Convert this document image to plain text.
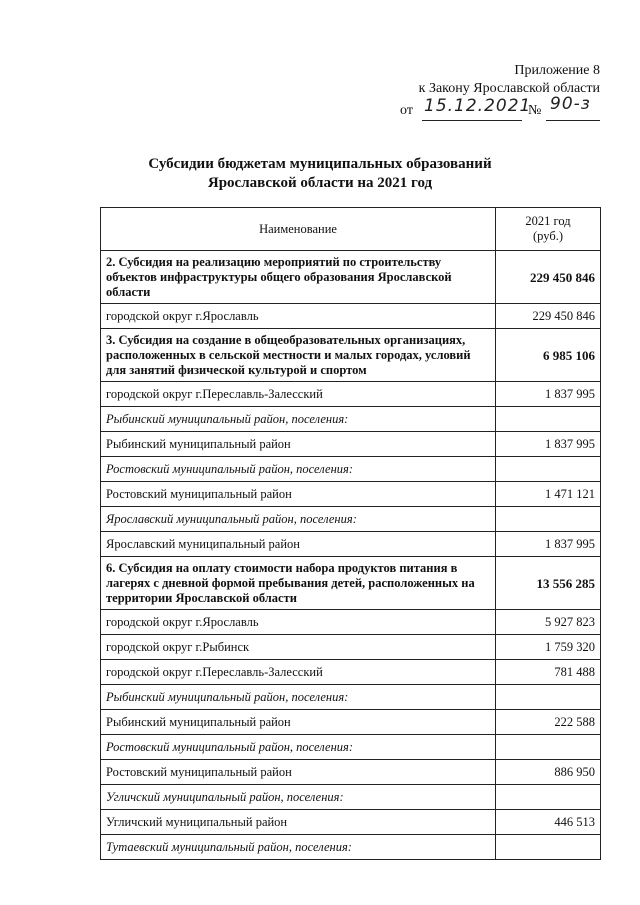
Приложение 8
к Закону Ярославской области
от 15.12.2021
№ 90-з
Субсидии бюджетам муниципальных образований
Ярославской области на 2021 год
Наименование	2021 год
(руб.)

2. Субсидия на реализацию мероприятий по строительству объектов инфраструктуры общего образования Ярославской области	229 450 846
городской округ г.Ярославль	229 450 846
3. Субсидия на создание в общеобразовательных организациях, расположенных в сельской местности и малых городах, условий для занятий физической культурой и спортом	6 985 106
городской округ г.Переславль-Залесский	1 837 995
Рыбинский муниципальный район, поселения:	
Рыбинский муниципальный район	1 837 995
Ростовский муниципальный район, поселения:	
Ростовский муниципальный район	1 471 121
Ярославский муниципальный район, поселения:	
Ярославский муниципальный район	1 837 995
6. Субсидия на оплату стоимости набора продуктов питания в лагерях с дневной формой пребывания детей, расположенных на территории Ярославской области	13 556 285
городской округ г.Ярославль	5 927 823
городской округ г.Рыбинск	1 759 320
городской округ г.Переславль-Залесский	781 488
Рыбинский муниципальный район, поселения:	
Рыбинский муниципальный район	222 588
Ростовский муниципальный район, поселения:	
Ростовский муниципальный район	886 950
Угличский муниципальный район, поселения:	
Угличский муниципальный район	446 513
Тутаевский муниципальный район, поселения:	
